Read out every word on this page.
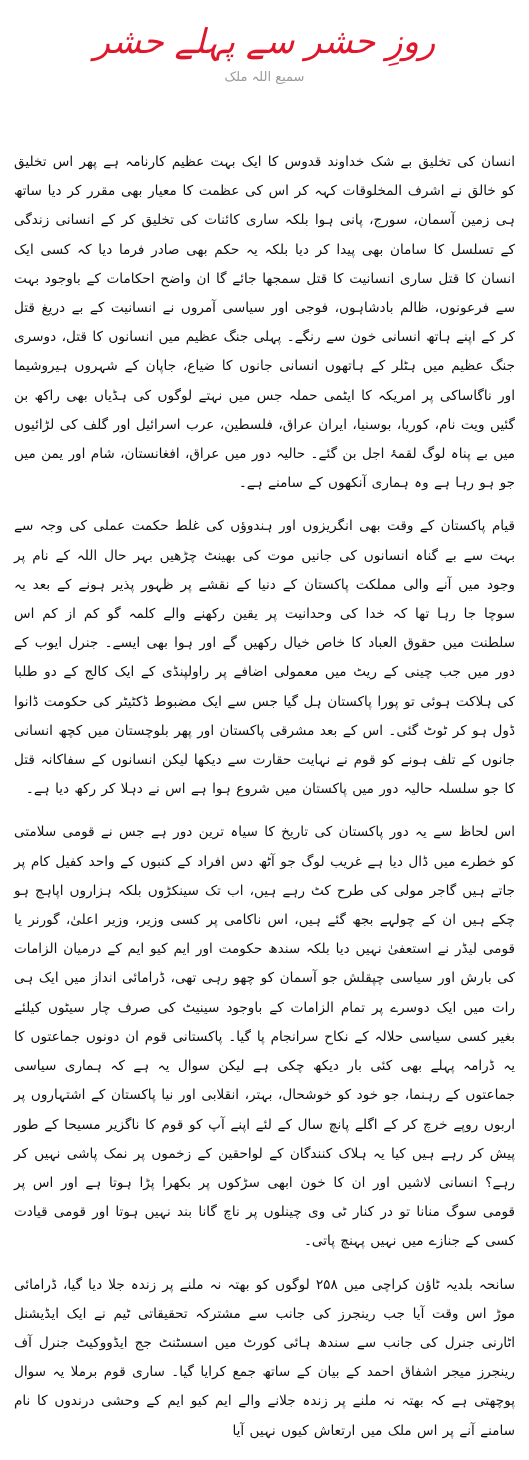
روزِ حشر سے پہلے حشر
سمیع اللہ ملک

انسان کی تخلیق بے شک خداوند قدوس کا ایک بہت عظیم کارنامہ ہے پھر اس تخلیق کو خالق نے اشرف المخلوقات کہہ کر اس کی عظمت کا معیار بھی مقرر کر دیا ساتھ ہی زمین آسمان، سورج، پانی ہوا بلکہ ساری کائنات کی تخلیق کر کے انسانی زندگی کے تسلسل کا سامان بھی پیدا کر دیا بلکہ یہ حکم بھی صادر فرما دیا کہ کسی ایک انسان کا قتل ساری انسانیت کا قتل سمجھا جائے گا ان واضح احکامات کے باوجود بہت سے فرعونوں، ظالم بادشاہوں، فوجی اور سیاسی آمروں نے انسانیت کے بے دریغ قتل کر کے اپنے ہاتھ انسانی خون سے رنگے۔ پہلی جنگ عظیم میں انسانوں کا قتل، دوسری جنگ عظیم میں ہٹلر کے ہاتھوں انسانی جانوں کا ضیاع، جاپان کے شہروں ہیروشیما اور ناگاساکی پر امریکہ کا ایٹمی حملہ جس میں نہتے لوگوں کی ہڈیاں بھی راکھ بن گئیں ویت نام، کوریا، بوسنیا، ایران عراق، فلسطین، عرب اسرائیل اور گلف کی لڑائیوں میں بے پناہ لوگ لقمۂ اجل بن گئے۔ حالیہ دور میں عراق، افغانستان، شام اور یمن میں جو ہو رہا ہے وہ ہماری آنکھوں کے سامنے ہے۔

قیام پاکستان کے وقت بھی انگریزوں اور ہندوؤں کی غلط حکمت عملی کی وجہ سے بہت سے بے گناہ انسانوں کی جانیں موت کی بھینٹ چڑھیں بہر حال اللہ کے نام پر وجود میں آنے والی مملکت پاکستان کے دنیا کے نقشے پر ظہور پذیر ہونے کے بعد یہ سوچا جا رہا تھا کہ خدا کی وحدانیت پر یقین رکھنے والے کلمہ گو کم از کم اس سلطنت میں حقوق العباد کا خاص خیال رکھیں گے اور ہوا بھی ایسے۔ جنرل ایوب کے دور میں جب چینی کے ریٹ میں معمولی اضافے پر راولپنڈی کے ایک کالج کے دو طلبا کی ہلاکت ہوئی تو پورا پاکستان ہل گیا جس سے ایک مضبوط ڈکٹیٹر کی حکومت ڈانوا ڈول ہو کر ٹوٹ گئی۔ اس کے بعد مشرقی پاکستان اور پھر بلوچستان میں کچھ انسانی جانوں کے تلف ہونے کو قوم نے نہایت حقارت سے دیکھا لیکن انسانوں کے سفاکانہ قتل کا جو سلسلہ حالیہ دور میں پاکستان میں شروع ہوا ہے اس نے دہلا کر رکھ دیا ہے۔

اس لحاظ سے یہ دور پاکستان کی تاریخ کا سیاہ ترین دور ہے جس نے قومی سلامتی کو خطرے میں ڈال دیا ہے غریب لوگ جو آٹھ دس افراد کے کنبوں کے واحد کفیل کام پر جاتے ہیں گاجر مولی کی طرح کٹ رہے ہیں، اب تک سینکڑوں بلکہ ہزاروں اپاہج ہو چکے ہیں ان کے چولہے بجھ گئے ہیں، اس ناکامی پر کسی وزیر، وزیر اعلیٰ، گورنر یا قومی لیڈر نے استعفیٰ نہیں دیا بلکہ سندھ حکومت اور ایم کیو ایم کے درمیان الزامات کی بارش اور سیاسی چپقلش جو آسمان کو چھو رہی تھی، ڈرامائی انداز میں ایک ہی رات میں ایک دوسرے پر تمام الزامات کے باوجود سینیٹ کی صرف چار سیٹوں کیلئے بغیر کسی سیاسی حلالہ کے نکاح سرانجام پا گیا۔ پاکستانی قوم ان دونوں جماعتوں کا یہ ڈرامہ پہلے بھی کئی بار دیکھ چکی ہے لیکن سوال یہ ہے کہ ہماری سیاسی جماعتوں کے رہنما، جو خود کو خوشحال، بہتر، انقلابی اور نیا پاکستان کے اشتہاروں پر اربوں روپے خرچ کر کے اگلے پانچ سال کے لئے اپنے آپ کو قوم کا ناگزیر مسیحا کے طور پیش کر رہے ہیں کیا یہ ہلاک کنندگان کے لواحقین کے زخموں پر نمک پاشی نہیں کر رہے؟ انسانی لاشیں اور ان کا خون ابھی سڑکوں پر بکھرا پڑا ہوتا ہے اور اس پر قومی سوگ منانا تو در کنار ٹی وی چینلوں پر ناچ گانا بند نہیں ہوتا اور قومی قیادت کسی کے جنازے میں نہیں پہنچ پاتی۔

سانحہ بلدیہ ٹاؤن کراچی میں ۲۵۸ لوگوں کو بھتہ نہ ملنے پر زندہ جلا دیا گیا، ڈرامائی موڑ اس وقت آیا جب رینجرز کی جانب سے مشترکہ تحقیقاتی ٹیم نے ایک ایڈیشنل اٹارنی جنرل کی جانب سے سندھ ہائی کورٹ میں اسسٹنٹ جج ایڈووکیٹ جنرل آف رینجرز میجر اشفاق احمد کے بیان کے ساتھ جمع کرایا گیا۔ ساری قوم برملا یہ سوال پوچھتی ہے کہ بھتہ نہ ملنے پر زندہ جلانے والے ایم کیو ایم کے وحشی درندوں کا نام سامنے آنے پر اس ملک میں ارتعاش کیوں نہیں آیا
